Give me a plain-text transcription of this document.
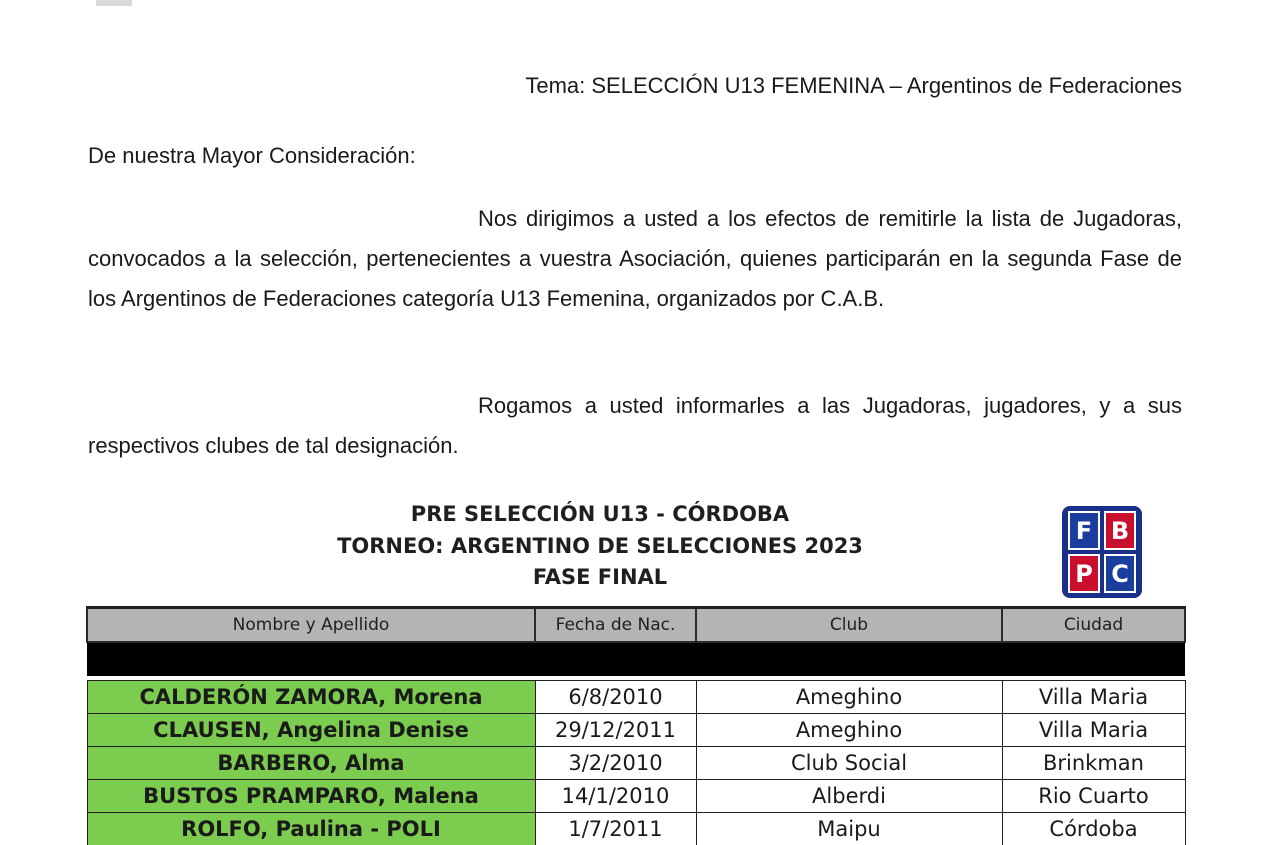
Tema: SELECCIÓN U13 FEMENINA – Argentinos de Federaciones
De nuestra Mayor Consideración:

Nos dirigimos a usted a los efectos de remitirle la lista de Jugadoras, convocados a la selección, pertenecientes a vuestra Asociación, quienes participarán en la segunda Fase de los Argentinos de Federaciones categoría U13 Femenina, organizados por C.A.B.

Rogamos a usted informarles a las Jugadoras, jugadores, y a sus respectivos clubes de tal designación.

PRE SELECCIÓN U13 - CÓRDOBA
TORNEO: ARGENTINO DE SELECCIONES 2023
FASE FINAL
F B
P C
Nombre y Apellido	Fecha de Nac.	Club	Ciudad

CALDERÓN ZAMORA, Morena	6/8/2010	Ameghino	Villa Maria
CLAUSEN, Angelina Denise	29/12/2011	Ameghino	Villa Maria
BARBERO, Alma	3/2/2010	Club Social	Brinkman
BUSTOS PRAMPARO, Malena	14/1/2010	Alberdi	Rio Cuarto
ROLFO, Paulina - POLI	1/7/2011	Maipu	Córdoba
